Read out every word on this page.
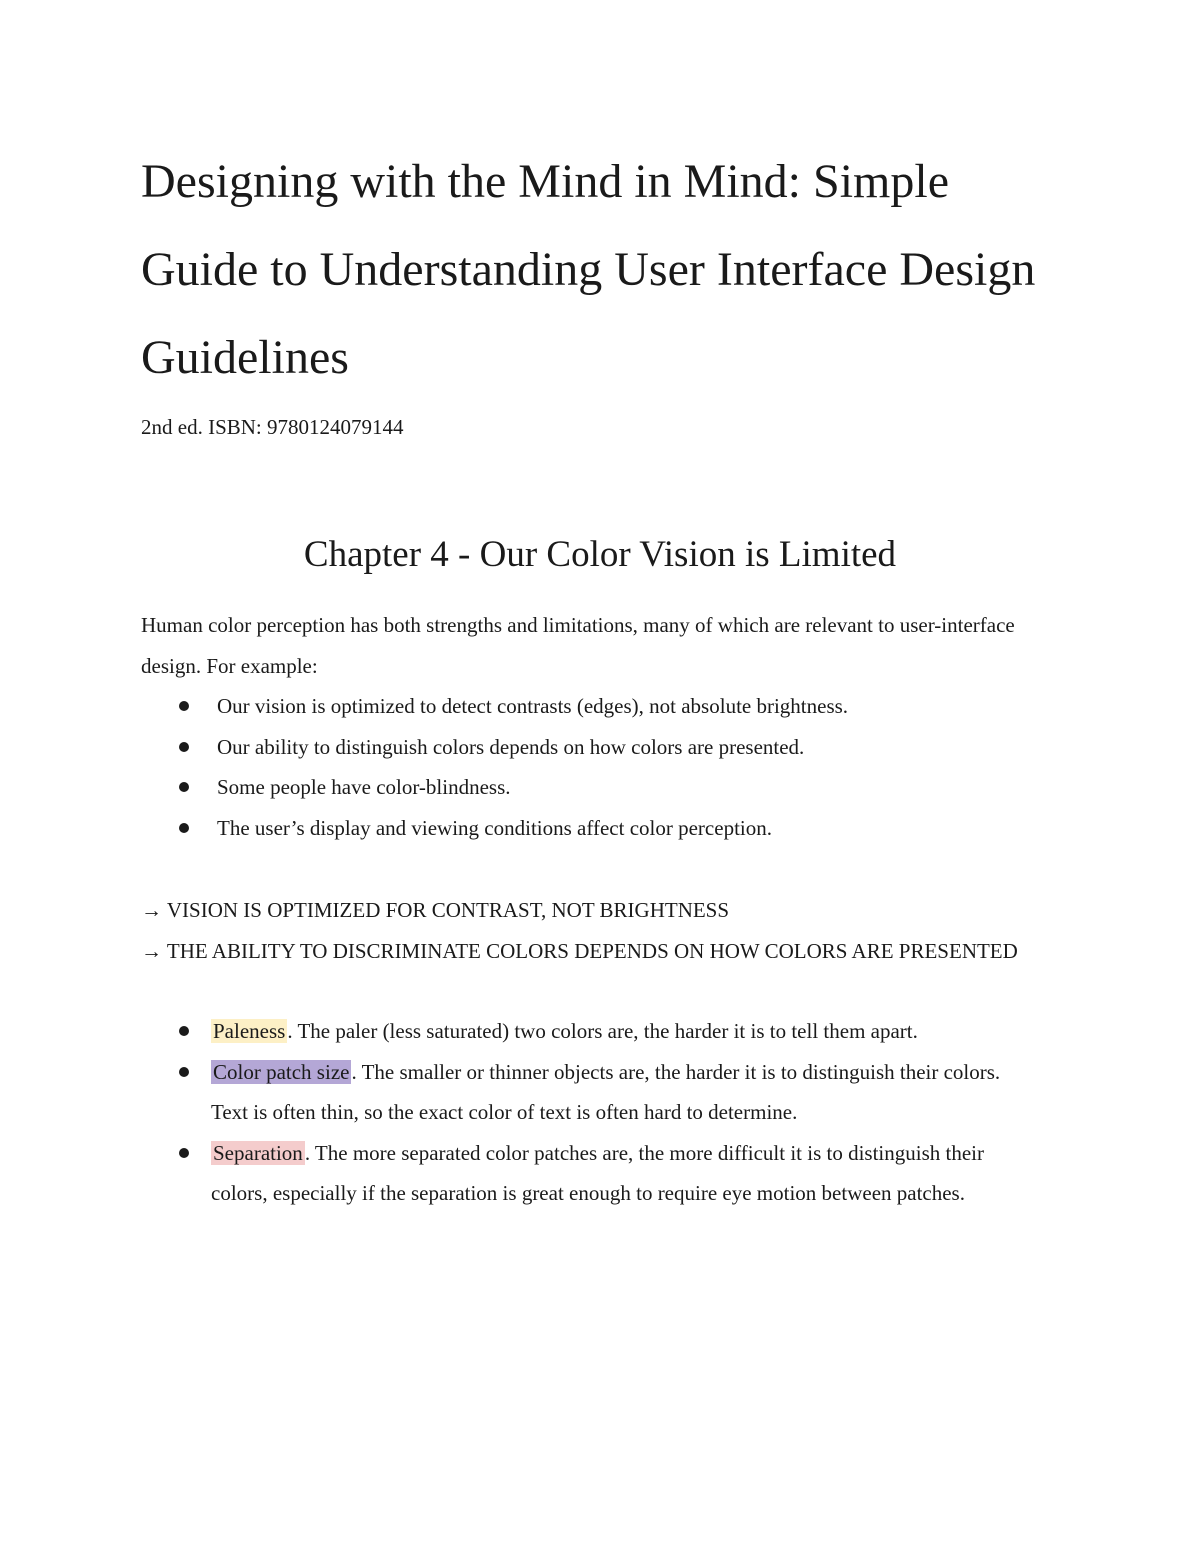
Designing with the Mind in Mind: Simple Guide to Understanding User Interface Design Guidelines

2nd ed. ISBN: 9780124079144

Chapter 4 - Our Color Vision is Limited

Human color perception has both strengths and limitations, many of which are relevant to user-interface design. For example:

Our vision is optimized to detect contrasts (edges), not absolute brightness.
Our ability to distinguish colors depends on how colors are presented.
Some people have color-blindness.
The user’s display and viewing conditions affect color perception.
→ VISION IS OPTIMIZED FOR CONTRAST, NOT BRIGHTNESS
→ THE ABILITY TO DISCRIMINATE COLORS DEPENDS ON HOW COLORS ARE PRESENTED
Paleness. The paler (less saturated) two colors are, the harder it is to tell them apart.
Color patch size. The smaller or thinner objects are, the harder it is to distinguish their colors. Text is often thin, so the exact color of text is often hard to determine.
Separation. The more separated color patches are, the more difficult it is to distinguish their colors, especially if the separation is great enough to require eye motion between patches.
